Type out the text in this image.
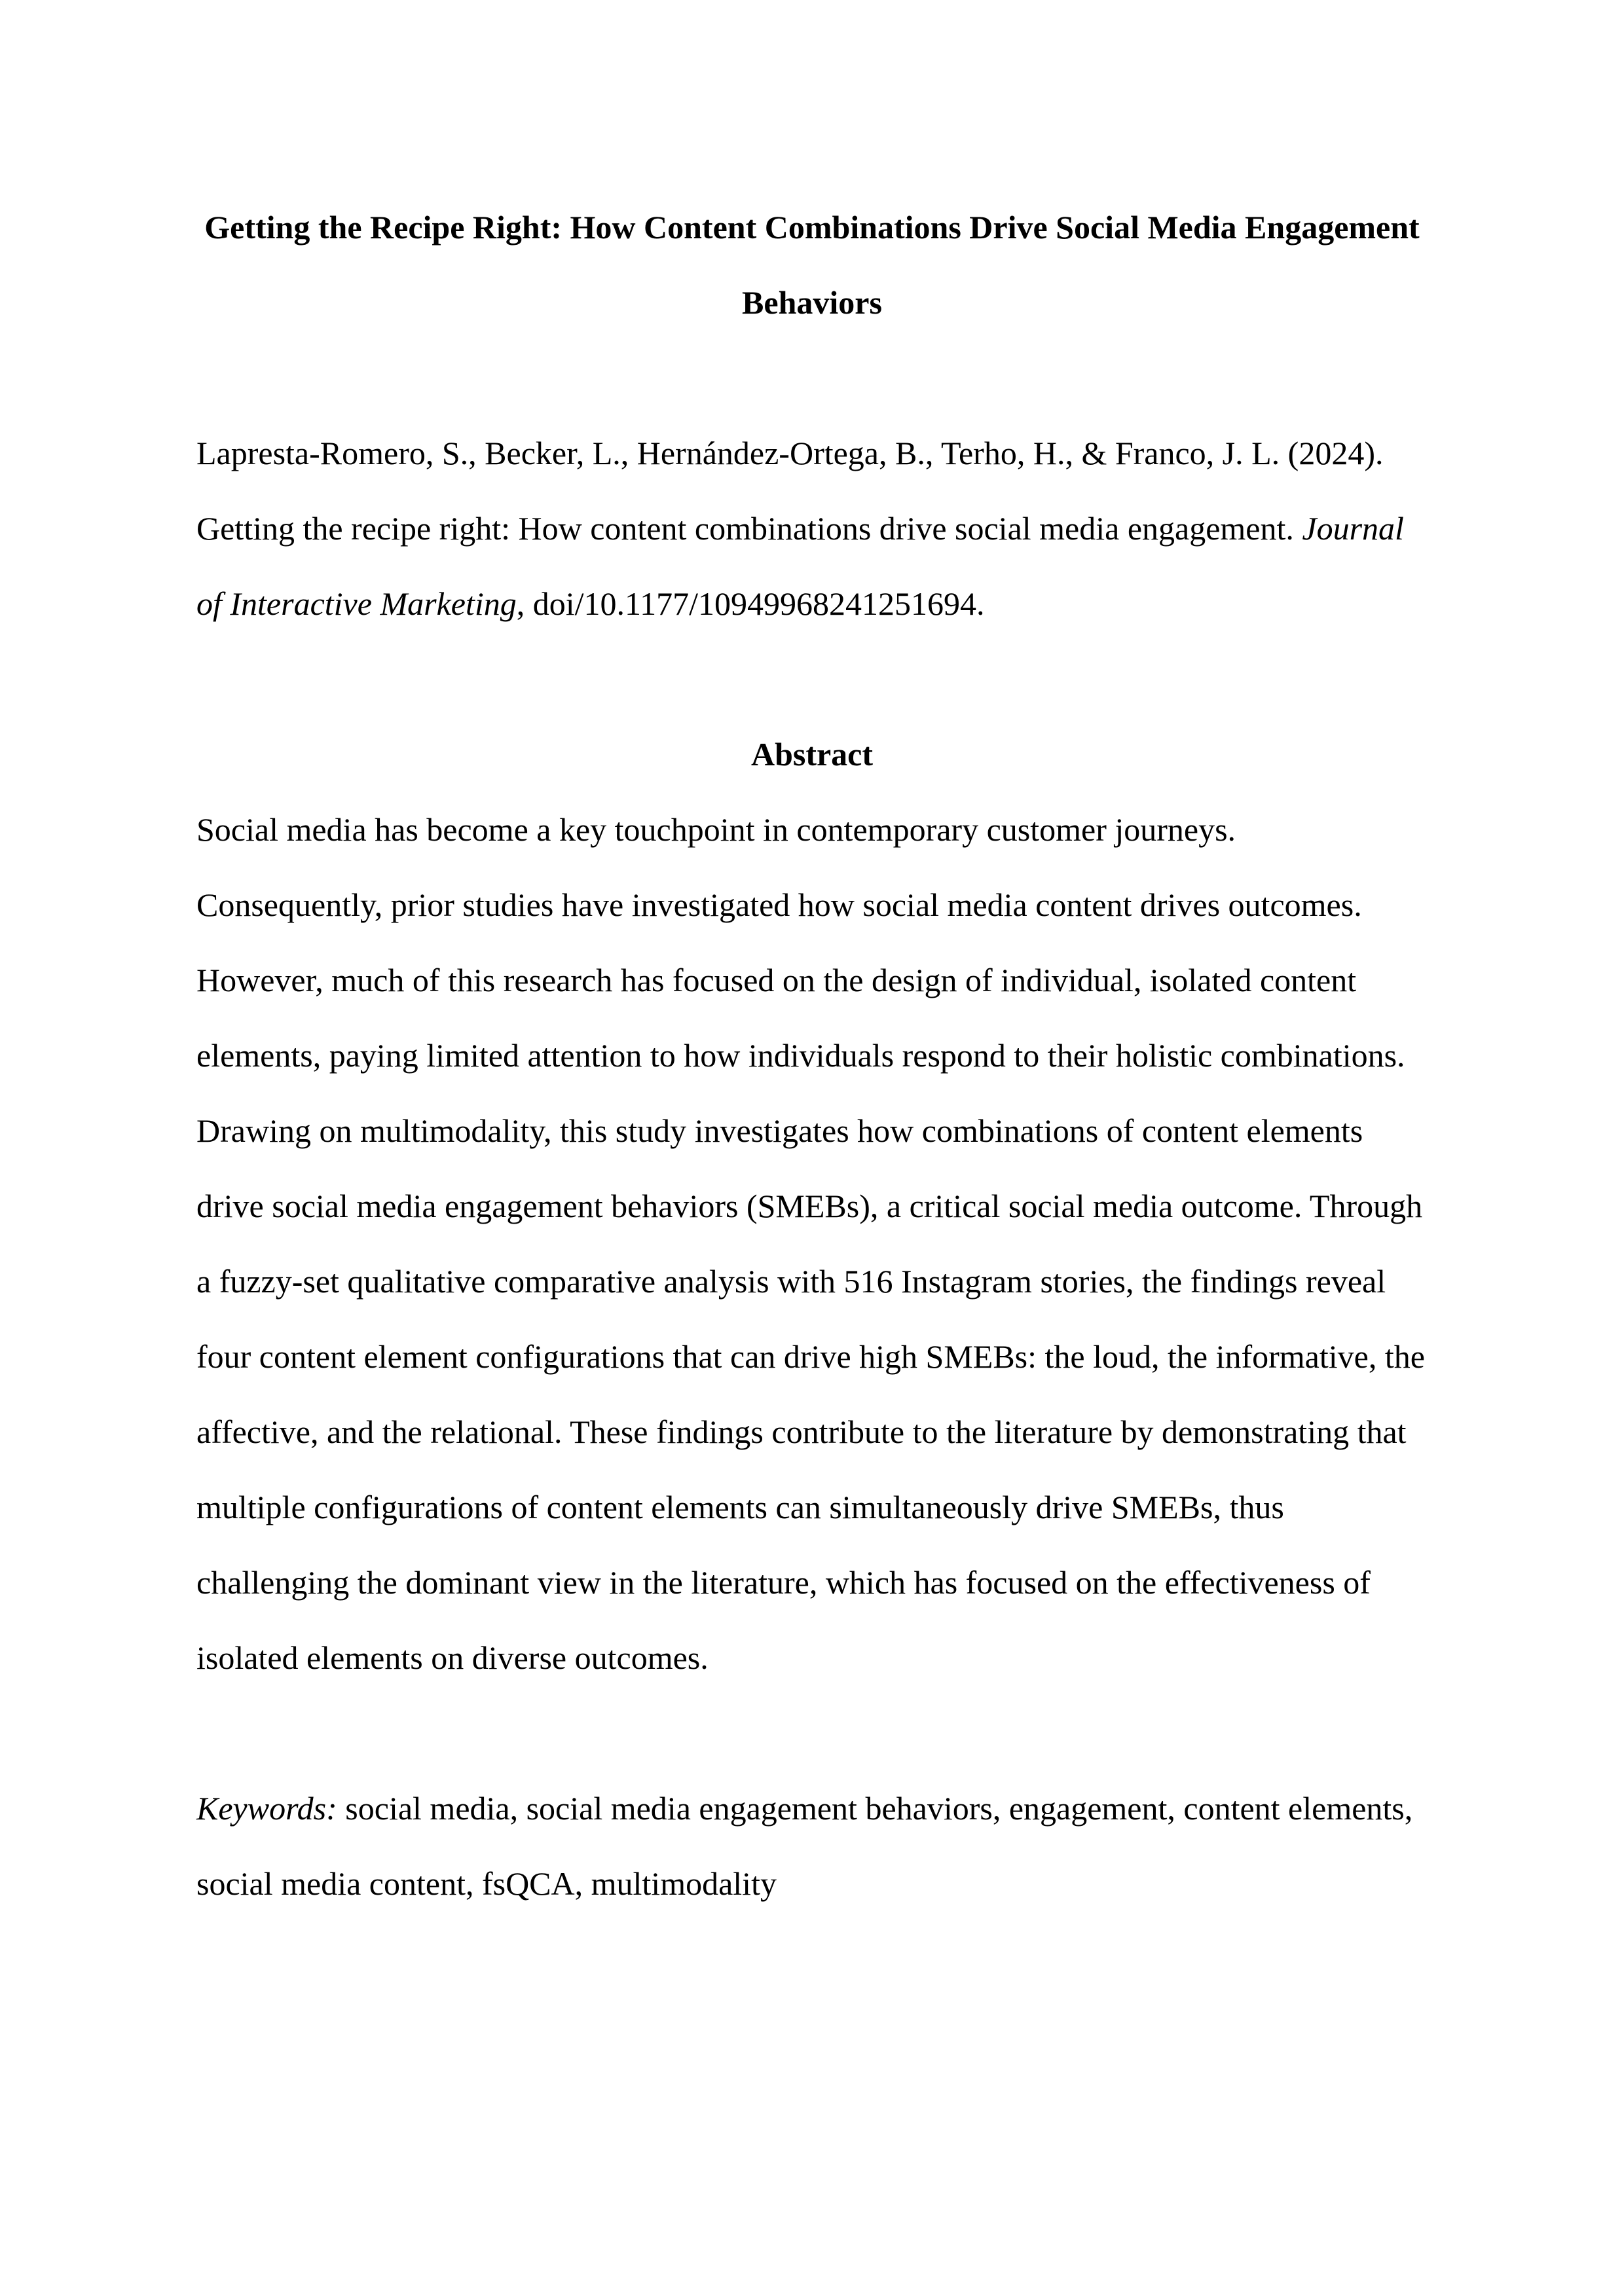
Getting the Recipe Right: How Content Combinations Drive Social Media Engagement Behaviors

Lapresta-Romero, S., Becker, L., Hernández-Ortega, B., Terho, H., & Franco, J. L. (2024). Getting the recipe right: How content combinations drive social media engagement. Journal of Interactive Marketing, doi/10.1177/10949968241251694.

Abstract

Social media has become a key touchpoint in contemporary customer journeys. Consequently, prior studies have investigated how social media content drives outcomes. However, much of this research has focused on the design of individual, isolated content elements, paying limited attention to how individuals respond to their holistic combinations. Drawing on multimodality, this study investigates how combinations of content elements drive social media engagement behaviors (SMEBs), a critical social media outcome. Through a fuzzy-set qualitative comparative analysis with 516 Instagram stories, the findings reveal four content element configurations that can drive high SMEBs: the loud, the informative, the affective, and the relational. These findings contribute to the literature by demonstrating that multiple configurations of content elements can simultaneously drive SMEBs, thus challenging the dominant view in the literature, which has focused on the effectiveness of isolated elements on diverse outcomes.

Keywords: social media, social media engagement behaviors, engagement, content elements, social media content, fsQCA, multimodality
